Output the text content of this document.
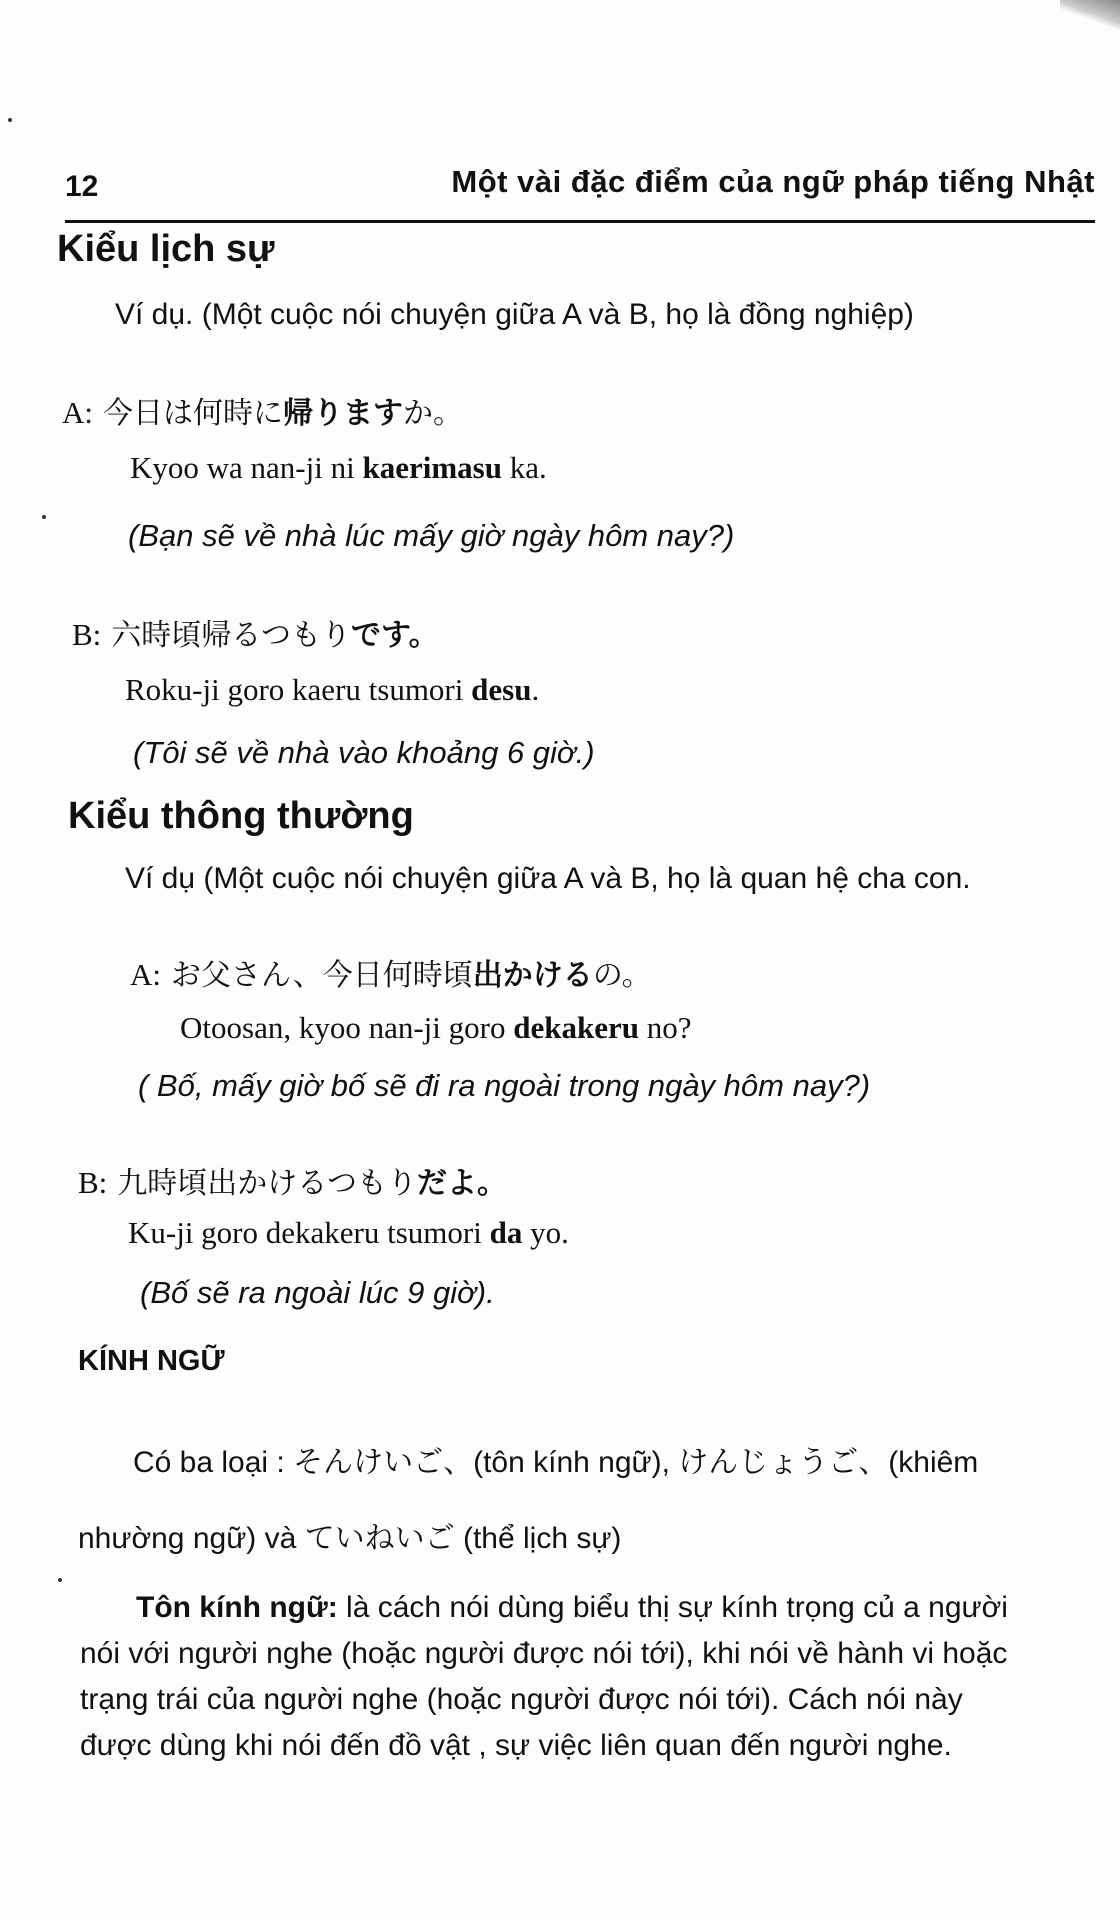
12	Một vài đặc điểm của ngữ pháp tiếng Nhật
Kiểu lịch sự
Ví dụ. (Một cuộc nói chuyện giữa A và B, họ là đồng nghiệp)
A: 今日は何時に帰りますか。
Kyoo wa nan-ji ni kaerimasu ka.
(Bạn sẽ về nhà lúc mấy giờ ngày hôm nay?)
B: 六時頃帰るつもりです。
Roku-ji goro kaeru tsumori desu.
(Tôi sẽ về nhà vào khoảng 6 giờ.)
Kiểu thông thường
Ví dụ (Một cuộc nói chuyện giữa A và B, họ là quan hệ cha con.
A: お父さん、今日何時頃出かけるの。
Otoosan, kyoo nan-ji goro dekakeru no?
( Bố, mấy giờ bố sẽ đi ra ngoài trong ngày hôm nay?)
B: 九時頃出かけるつもりだよ。
Ku-ji goro dekakeru tsumori da yo.
(Bố sẽ ra ngoài lúc 9 giờ).
KÍNH NGỮ
Có ba loại : そんけいご、(tôn kính ngữ), けんじょうご、(khiêm
nhường ngữ) và ていねいご (thể lịch sự)
Tôn kính ngữ: là cách nói dùng biểu thị sự kính trọng củ a người
nói với người nghe (hoặc người được nói tới), khi nói về hành vi hoặc
trạng trái của người nghe (hoặc người được nói tới). Cách nói này
được dùng khi nói đến đồ vật , sự việc liên quan đến người nghe.
